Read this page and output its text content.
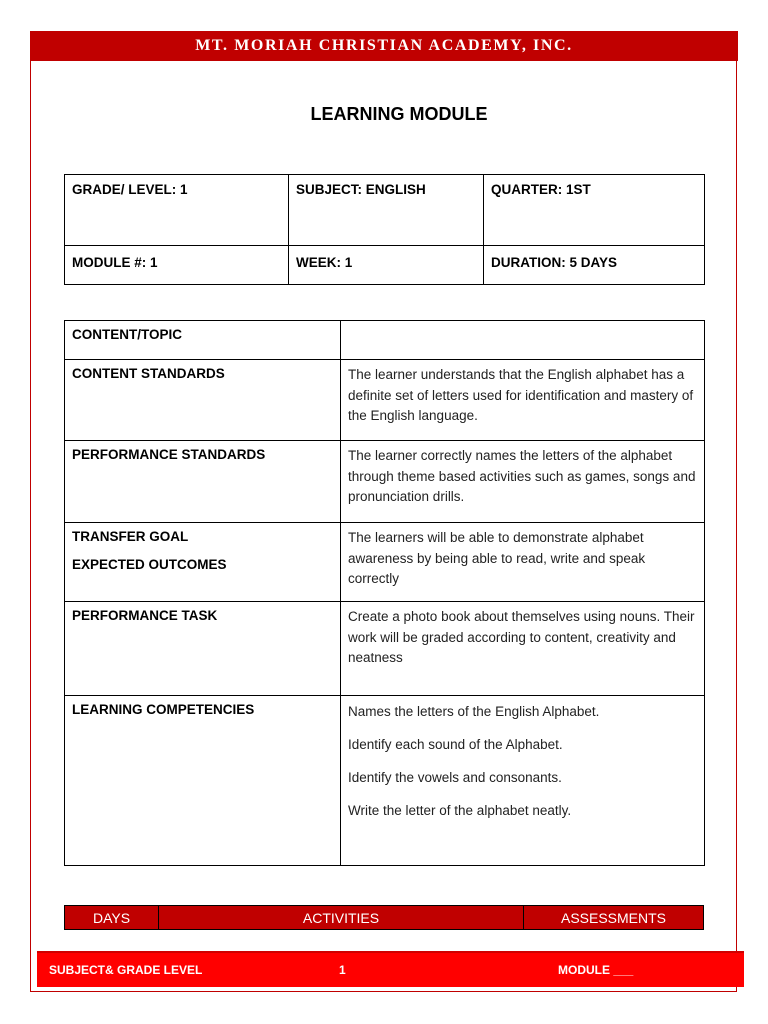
MT. MORIAH CHRISTIAN ACADEMY, INC.
LEARNING MODULE
GRADE/ LEVEL: 1	SUBJECT: ENGLISH	QUARTER: 1ST
MODULE #: 1	WEEK: 1	DURATION: 5 DAYS
CONTENT/TOPIC	
CONTENT STANDARDS	The learner understands that the English alphabet has a definite set of letters used for identification and mastery of the English language.
PERFORMANCE STANDARDS	The learner correctly names the letters of the alphabet through theme based activities such as games, songs and pronunciation drills.

TRANSFER GOAL
EXPECTED OUTCOMES	The learners will be able to demonstrate alphabet awareness by being able to read, write and speak correctly
PERFORMANCE TASK	Create a photo book about themselves using nouns. Their work will be graded according to content, creativity and neatness
LEARNING COMPETENCIES	Names the letters of the English Alphabet.
Identify each sound of the Alphabet.
Identify the vowels and consonants.
Write the letter of the alphabet neatly.
DAYS	ACTIVITIES	ASSESSMENTS
SUBJECT& GRADE LEVEL	1	MODULE ___
